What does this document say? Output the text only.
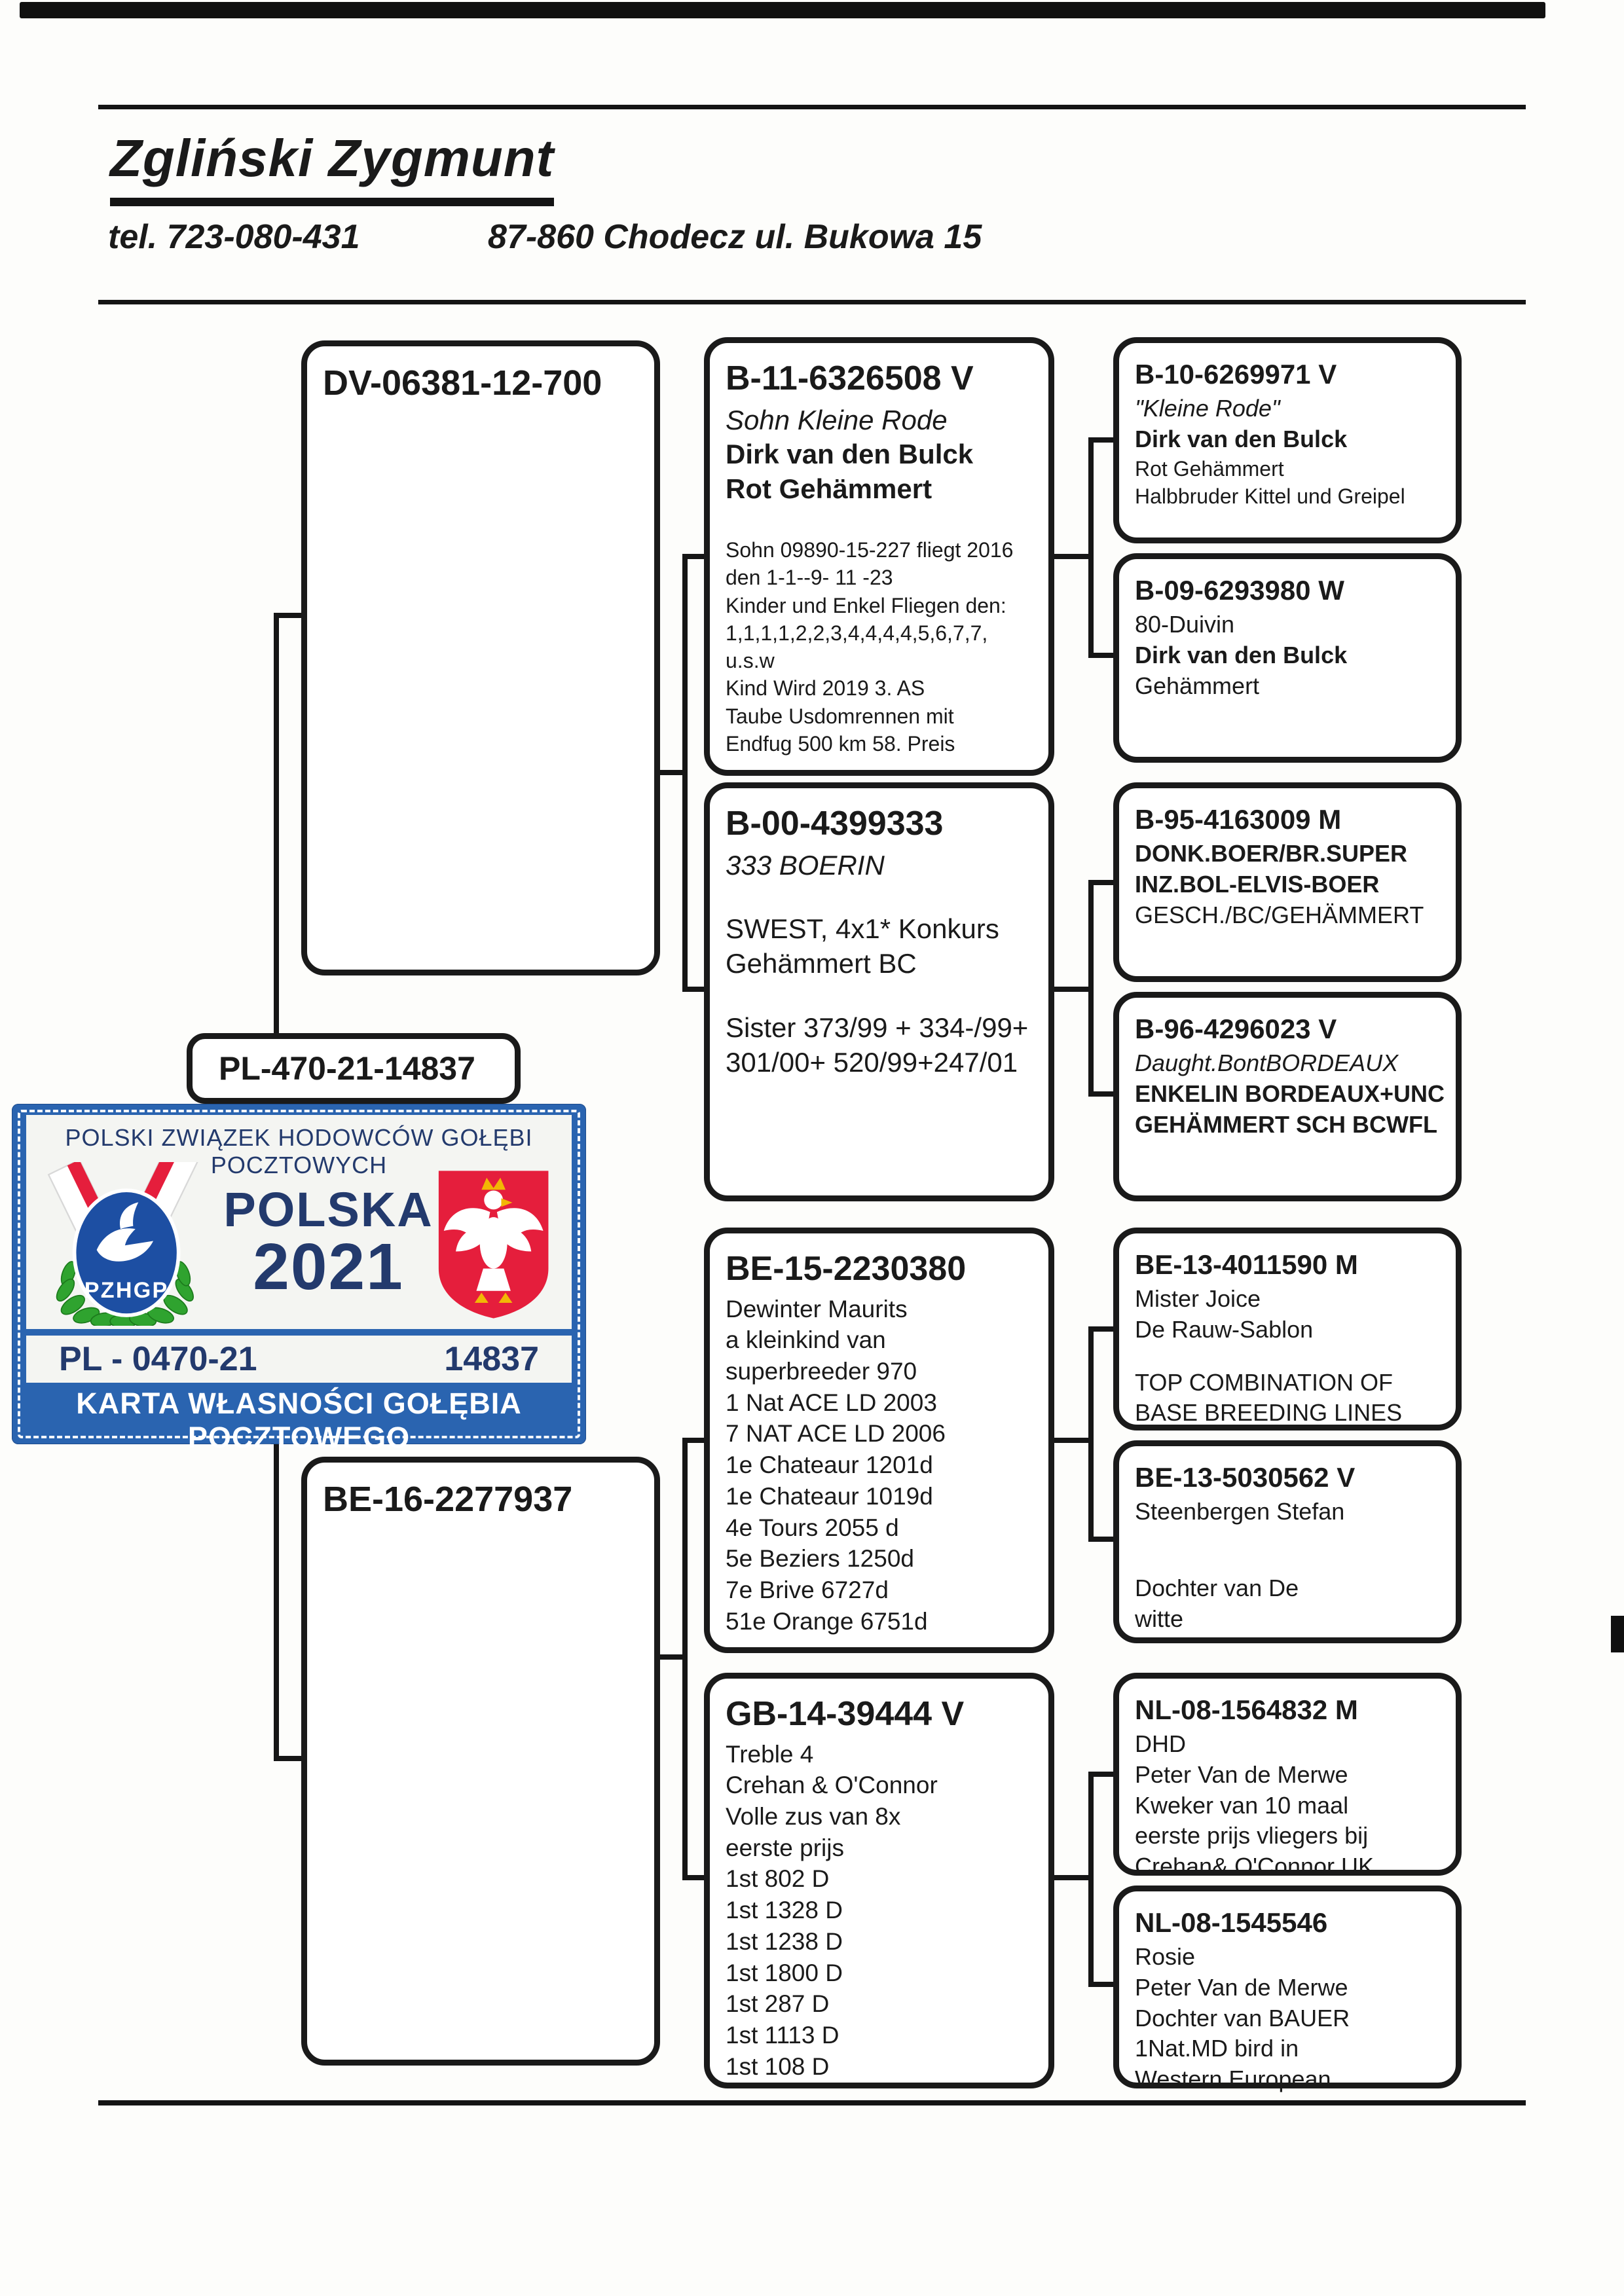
Zgliński Zygmunt
tel. 723-080-431	87-860 Chodecz ul. Bukowa 15
DV-06381-12-700
BE-16-2277937
B-11-6326508 V
Sohn Kleine Rode
Dirk van den Bulck
Rot Gehämmert
Sohn 09890-15-227 fliegt 2016
den 1-1--9- 11 -23
Kinder und Enkel Fliegen den:
1,1,1,1,2,2,3,4,4,4,4,5,6,7,7,
u.s.w
Kind Wird 2019 3. AS
Taube Usdomrennen mit
Endfug 500 km 58. Preis
B-00-4399333
333 BOERIN
SWEST, 4x1* Konkurs
Gehämmert BC
Sister 373/99 + 334-/99+
301/00+ 520/99+247/01
BE-15-2230380
Dewinter Maurits
a kleinkind van
superbreeder 970
1 Nat ACE LD 2003
7 NAT ACE LD 2006
1e Chateaur 1201d
1e Chateaur 1019d
4e Tours 2055 d
5e Beziers 1250d
7e Brive 6727d
51e Orange 6751d
GB-14-39444 V
Treble 4
Crehan & O'Connor
Volle zus van 8x
eerste prijs
1st 802 D
1st 1328 D
1st 1238 D
1st 1800 D
1st 287 D
1st 1113 D
1st 108 D
B-10-6269971 V
"Kleine Rode"
Dirk van den Bulck
Rot Gehämmert
Halbbruder Kittel und Greipel
B-09-6293980 W
80-Duivin
Dirk van den Bulck
Gehämmert
B-95-4163009 M
DONK.BOER/BR.SUPER
INZ.BOL-ELVIS-BOER
GESCH./BC/GEHÄMMERT
B-96-4296023 V
Daught.BontBORDEAUX
ENKELIN BORDEAUX+UNC
GEHÄMMERT SCH BCWFL
BE-13-4011590 M
Mister Joice
De Rauw-Sablon
TOP COMBINATION OF
BASE BREEDING LINES
BE-13-5030562 V
Steenbergen Stefan
Dochter van De
witte
NL-08-1564832 M
DHD
Peter Van de Merwe
Kweker van 10 maal
eerste prijs vliegers bij
Crehan& O'Connor UK
NL-08-1545546
Rosie
Peter Van de Merwe
Dochter van BAUER
1Nat.MD bird in
Western European
PL-470-21-14837
POLSKI ZWIĄZEK HODOWCÓW GOŁĘBI POCZTOWYCH
PZHGP
POLSKA
2021
PL - 0470-21	14837
KARTA WŁASNOŚCI GOŁĘBIA POCZTOWEGO
